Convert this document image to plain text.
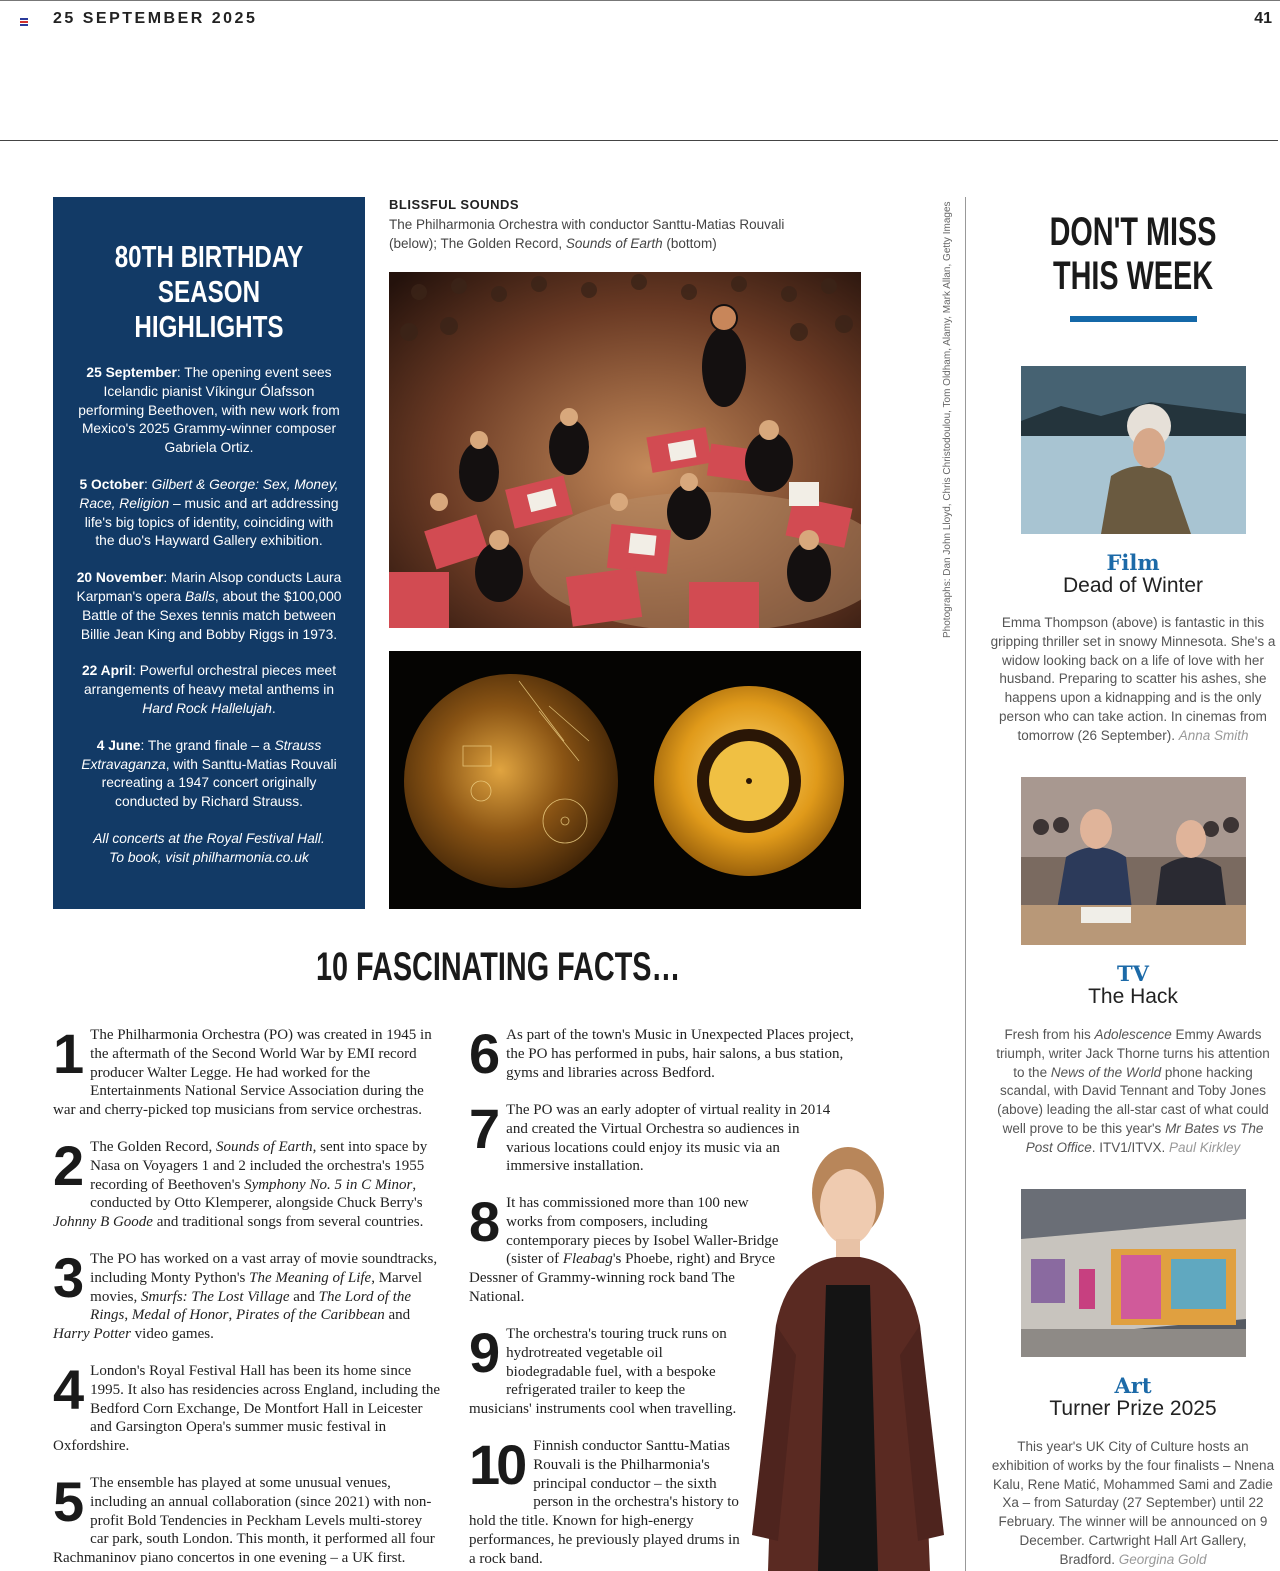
25 SEPTEMBER 2025	41
80TH BIRTHDAY
SEASON HIGHLIGHTS

25 September: The opening event sees Icelandic pianist Víkingur Ólafsson performing Beethoven, with new work from Mexico's 2025 Grammy-winner composer Gabriela Ortiz.

5 October: Gilbert & George: Sex, Money, Race, Religion – music and art addressing life's big topics of identity, coinciding with the duo's Hayward Gallery exhibition.

20 November: Marin Alsop conducts Laura Karpman's opera Balls, about the $100,000 Battle of the Sexes tennis match between Billie Jean King and Bobby Riggs in 1973.

22 April: Powerful orchestral pieces meet arrangements of heavy metal anthems in Hard Rock Hallelujah.

4 June: The grand finale – a Strauss Extravaganza, with Santtu-Matias Rouvali recreating a 1947 concert originally conducted by Richard Strauss.

All concerts at the Royal Festival Hall.
To book, visit philharmonia.co.uk

BLISSFUL SOUNDS
The Philharmonia Orchestra with conductor Santtu-Matias Rouvali (below); The Golden Record, Sounds of Earth (bottom)	Photographs: Dan John Lloyd, Chris Christodoulou, Tom Oldham, Alamy, Mark Allan, Getty Images	DON'T MISS
THIS WEEK
Film
Dead of Winter
Emma Thompson (above) is fantastic in this gripping thriller set in snowy Minnesota. She's a widow looking back on a life of love with her husband. Preparing to scatter his ashes, she happens upon a kidnapping and is the only person who can take action. In cinemas from tomorrow (26 September). Anna Smith
TV
The Hack
Fresh from his Adolescence Emmy Awards triumph, writer Jack Thorne turns his attention to the News of the World phone hacking scandal, with David Tennant and Toby Jones (above) leading the all-star cast of what could well prove to be this year's Mr Bates vs The Post Office. ITV1/ITVX. Paul Kirkley
Art
Turner Prize 2025
This year's UK City of Culture hosts an exhibition of works by the four finalists – Nnena Kalu, Rene Matić, Mohammed Sami and Zadie Xa – from Saturday (27 September) until 22 February. The winner will be announced on 9 December. Cartwright Hall Art Gallery, Bradford. Georgina Gold
10 FASCINATING FACTS…
1 The Philharmonia Orchestra (PO) was created in 1945 in the aftermath of the Second World War by EMI record producer Walter Legge. He had worked for the Entertainments National Service Association during the war and cherry-picked top musicians from service orchestras.
2 The Golden Record, Sounds of Earth, sent into space by Nasa on Voyagers 1 and 2 included the orchestra's 1955 recording of Beethoven's Symphony No. 5 in C Minor, conducted by Otto Klemperer, alongside Chuck Berry's Johnny B Goode and traditional songs from several countries.
3 The PO has worked on a vast array of movie soundtracks, including Monty Python's The Meaning of Life, Marvel movies, Smurfs: The Lost Village and The Lord of the Rings, Medal of Honor, Pirates of the Caribbean and Harry Potter video games.
4 London's Royal Festival Hall has been its home since 1995. It also has residencies across England, including the Bedford Corn Exchange, De Montfort Hall in Leicester and Garsington Opera's summer music festival in Oxfordshire.
5 The ensemble has played at some unusual venues, including an annual collaboration (since 2021) with non-profit Bold Tendencies in Peckham Levels multi-storey car park, south London. This month, it performed all four Rachmaninov piano concertos in one evening – a UK first.
6 As part of the town's Music in Unexpected Places project, the PO has performed in pubs, hair salons, a bus station, gyms and libraries across Bedford.
7 The PO was an early adopter of virtual reality in 2014 and created the Virtual Orchestra so audiences in various locations could enjoy its music via an immersive installation.
8 It has commissioned more than 100 new works from composers, including contemporary pieces by Isobel Waller-Bridge (sister of Fleabag's Phoebe, right) and Bryce Dessner of Grammy-winning rock band The National.
9 The orchestra's touring truck runs on hydrotreated vegetable oil biodegradable fuel, with a bespoke refrigerated trailer to keep the musicians' instruments cool when travelling.
10 Finnish conductor Santtu-Matias Rouvali is the Philharmonia's principal conductor – the sixth person in the orchestra's history to hold the title. Known for high-energy performances, he previously played drums in a rock band.
